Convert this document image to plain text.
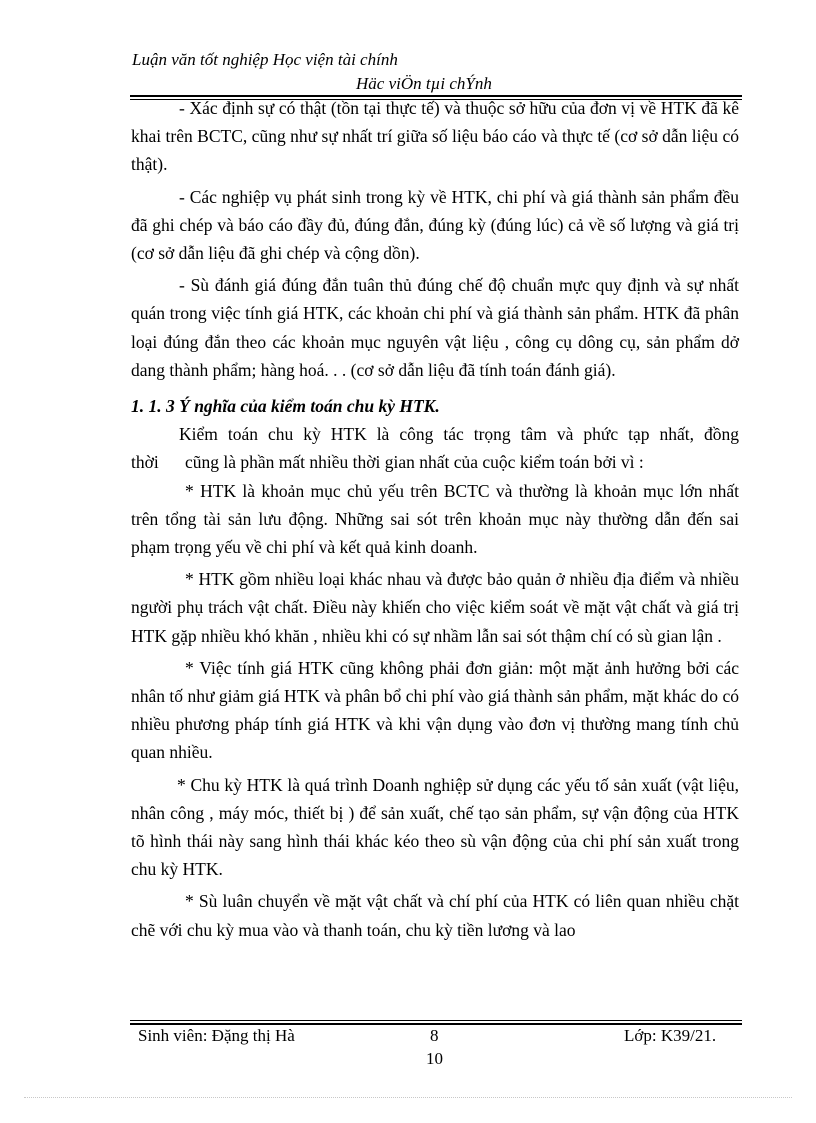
Luận văn tốt nghiệp Học viện tài chính
Häc viÖn tµi chÝnh

- Xác định sự có thật (tồn tại thực tế) và thuộc sở hữu của đơn vị về HTK đã kê khai trên BCTC, cũng như sự nhất trí giữa số liệu báo cáo và thực tế (cơ sở dẫn liệu có thật).

- Các nghiệp vụ phát sinh trong kỳ về HTK, chi phí và giá thành sản phẩm đều đã ghi chép và báo cáo đầy đủ, đúng đắn, đúng kỳ (đúng lúc) cả về số lượng và giá trị (cơ sở dẫn liệu đã ghi chép và cộng dồn).

- Sù đánh giá đúng đắn tuân thủ đúng chế độ chuẩn mực quy định và sự nhất quán trong việc tính giá HTK, các khoản chi phí và giá thành sản phẩm. HTK đã phân loại đúng đắn theo các khoản mục nguyên vật liệu , công cụ dông cụ, sản phẩm dở dang thành phẩm; hàng hoá. . . (cơ sở dẫn liệu đã tính toán đánh giá).

1. 1. 3 Ý nghĩa của kiểm toán chu kỳ HTK.

Kiểm toán chu kỳ HTK là công tác trọng tâm và phức tạp nhất, đồng

thời      cũng là phần mất nhiều thời gian nhất của cuộc kiểm toán bởi vì :

* HTK là khoản mục chủ yếu trên BCTC và thường là khoản mục lớn nhất trên tổng tài sản lưu động. Những sai sót trên khoản mục này thường dẫn đến sai phạm trọng yếu về chi phí và kết quả kinh doanh.

* HTK gồm nhiều loại khác nhau và được bảo quản ở nhiều địa điểm và nhiều người phụ trách vật chất. Điều này khiến cho việc kiểm soát về mặt vật chất và giá trị HTK gặp nhiều khó khăn , nhiều khi có sự nhầm lẫn sai sót thậm chí có sù gian lận .

* Việc tính giá HTK cũng không phải đơn giản: một mặt ảnh hưởng bởi các nhân tố như giảm giá HTK và phân bổ chi phí vào giá thành sản phẩm, mặt khác do có nhiều phương pháp tính giá HTK và khi vận dụng vào đơn vị thường mang tính chủ quan nhiều.

* Chu kỳ HTK là quá trình Doanh nghiệp sử dụng các yếu tố sản xuất (vật liệu, nhân công , máy móc, thiết bị ) để sản xuất, chế tạo sản phẩm, sự vận động của HTK tõ hình thái này sang hình thái khác kéo theo sù vận động của chi phí sản xuất trong chu kỳ HTK.

* Sù luân chuyển về mặt vật chất và chí phí của HTK có liên quan nhiều chặt chẽ với chu kỳ mua vào và thanh toán, chu kỳ tiền lương và lao

Sinh viên: Đặng thị Hà	8	Lớp: K39/21.
10
